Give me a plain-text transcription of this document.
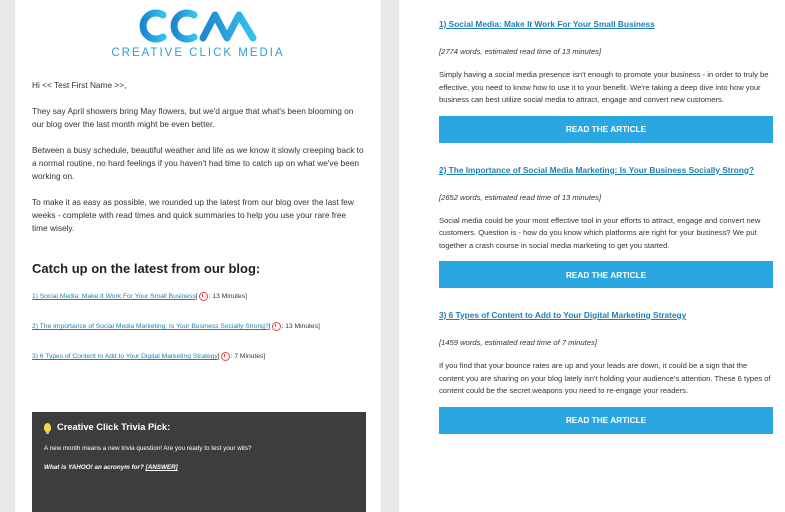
CREATIVE CLICK MEDIA
Hi << Test First Name >>,
They say April showers bring May flowers, but we'd argue that what's been blooming on our blog over the last month might be even better.
Between a busy schedule, beautiful weather and life as we know it slowly creeping back to a normal routine, no hard feelings if you haven't had time to catch up on what we've been working on.
To make it as easy as possible, we rounded up the latest from our blog over the last few weeks - complete with read times and quick summaries to help you use your rare free time wisely.
Catch up on the latest from our blog:
1) Social Media: Make It Work For Your Small Business [ : 13 Minutes]
2) The Importance of Social Media Marketing: Is Your Business Socially Strong? [ : 13 Minutes]
3) 6 Types of Content to Add to Your Digital Marketing Strategy [ : 7 Minutes]
Creative Click Trivia Pick:
A new month means a new trivia question! Are you ready to test your wits?
What is YAHOO! an acronym for? [ANSWER]
1) Social Media: Make It Work For Your Small Business
[2774 words, estimated read time of 13 minutes]
Simply having a social media presence isn't enough to promote your business - in order to truly be effective, you need to know how to use it to your benefit. We're taking a deep dive into how your business can best utilize social media to attract, engage and convert new customers.
READ THE ARTICLE
2) The Importance of Social Media Marketing: Is Your Business Socially Strong?
[2652 words, estimated read time of 13 minutes]
Social media could be your most effective tool in your efforts to attract, engage and convert new customers. Question is - how do you know which platforms are right for your business? We put together a crash course in social media marketing to get you started.
READ THE ARTICLE
3) 6 Types of Content to Add to Your Digital Marketing Strategy
[1459 words, estimated read time of 7 minutes]
If you find that your bounce rates are up and your leads are down, it could be a sign that the content you are sharing on your blog lately isn't holding your audience's attention. These 6 types of content could be the secret weapons you need to re-engage your readers.
READ THE ARTICLE
